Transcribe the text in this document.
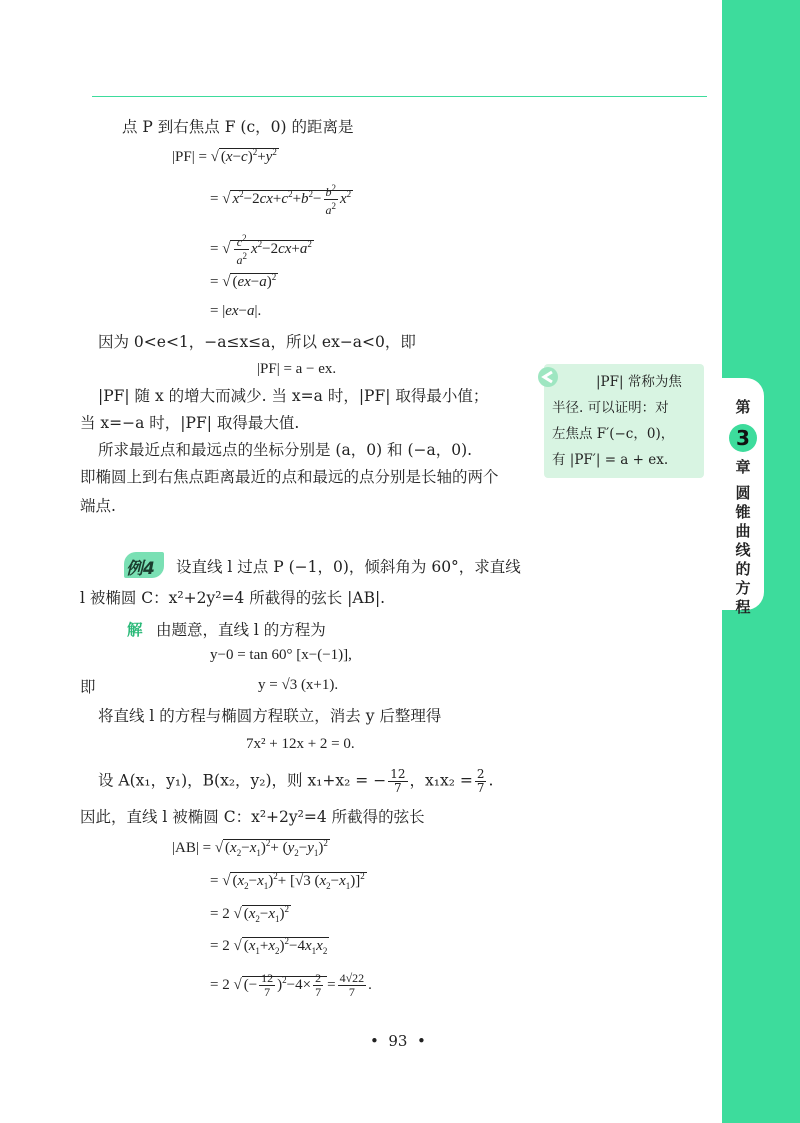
点 P 到右焦点 F (c，0) 的距离是
|PF| = √ $(x-c)^2+y^2$
= √ $x^2-2cx+c^2+b^2- \frac{b^2}{a^2} x^2$
= √ $\frac{c^2}{a^2} x^2-2cx+a^2$
= √ $(ex-a)^2$
= |ex−a|.
因为 0<e<1，−a≤x≤a，所以 ex−a<0，即
|PF| = a − ex.
|PF| 随 x 的增大而减少. 当 x=a 时，|PF| 取得最小值；
当 x=−a 时，|PF| 取得最大值.
所求最近点和最远点的坐标分别是 (a，0) 和 (−a，0).
即椭圆上到右焦点距离最近的点和最远的点分别是长轴的两个
端点.
|PF| 常称为焦
半径. 可以证明：对
左焦点 F′(−c，0)，
有 |PF′| = a + ex.
第
3
章
圆锥曲线的方程
例4 设直线 l 过点 P (−1，0)，倾斜角为 60°，求直线
l 被椭圆 C：x²+2y²=4 所截得的弦长 |AB|.
解 由题意，直线 l 的方程为
y−0 = tan 60° [x−(−1)],
即	y = √3 (x+1).
将直线 l 的方程与椭圆方程联立，消去 y 后整理得
7x² + 12x + 2 = 0.
设 A(x₁，y₁)，B(x₂，y₂)，则 x₁+x₂ = − $\frac{12}{7}$ ，$x_1x_2 = \frac{2}{7}$ .
因此，直线 l 被椭圆 C：x²+2y²=4 所截得的弦长
|AB| = √ $(x_2-x_1)^2+ (y_2-y_1)^2$
= √ $(x_2-x_1)^2+ [√3$ $(x_2-x_1)]^2$
= 2 √ $(x_2-x_1)^2$
= 2 √ $(x_1+x_2)^2-4x_1x_2$
= 2 √ (− $\frac{12}{7} )^2-4\times \frac{2}{7} = \frac{4√22}{7}$ .
•  93  •
